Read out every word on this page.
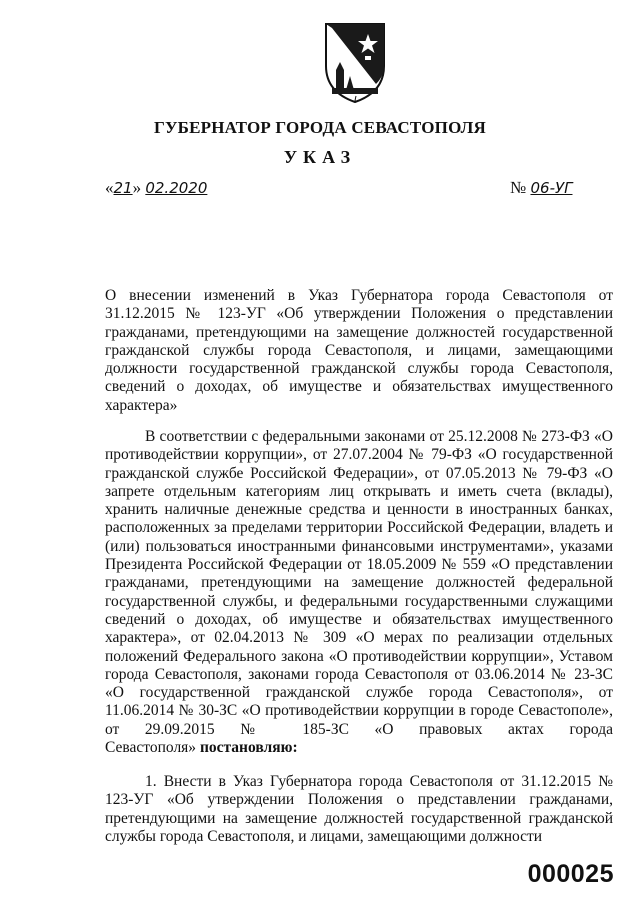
ГУБЕРНАТОР ГОРОДА СЕВАСТОПОЛЯ
УКАЗ
«21» 02.2020	№ 06-УГ
О внесении изменений в Указ Губернатора города Севастополя от 31.12.2015 № 123-УГ «Об утверждении Положения о представлении гражданами, претендующими на замещение должностей государственной гражданской службы города Севастополя, и лицами, замещающими должности государственной гражданской службы города Севастополя, сведений о доходах, об имуществе и обязательствах имущественного характера»
В соответствии с федеральными законами от 25.12.2008 № 273-ФЗ «О противодействии коррупции», от 27.07.2004 № 79-ФЗ «О государственной гражданской службе Российской Федерации», от 07.05.2013 № 79-ФЗ «О запрете отдельным категориям лиц открывать и иметь счета (вклады), хранить наличные денежные средства и ценности в иностранных банках, расположенных за пределами территории Российской Федерации, владеть и (или) пользоваться иностранными финансовыми инструментами», указами Президента Российской Федерации от 18.05.2009 № 559 «О представлении гражданами, претендующими на замещение должностей федеральной государственной службы, и федеральными государственными служащими сведений о доходах, об имуществе и обязательствах имущественного характера», от 02.04.2013 № 309 «О мерах по реализации отдельных положений Федерального закона «О противодействии коррупции», Уставом города Севастополя, законами города Севастополя от 03.06.2014 № 23-ЗС «О государственной гражданской службе города Севастополя», от 11.06.2014 № 30-ЗС «О противодействии коррупции в городе Севастополе», от 29.09.2015 № 185-ЗС «О правовых актах города Севастополя» постановляю:
1. Внести в Указ Губернатора города Севастополя от 31.12.2015 № 123-УГ «Об утверждении Положения о представлении гражданами, претендующими на замещение должностей государственной гражданской службы города Севастополя, и лицами, замещающими должности
000025
